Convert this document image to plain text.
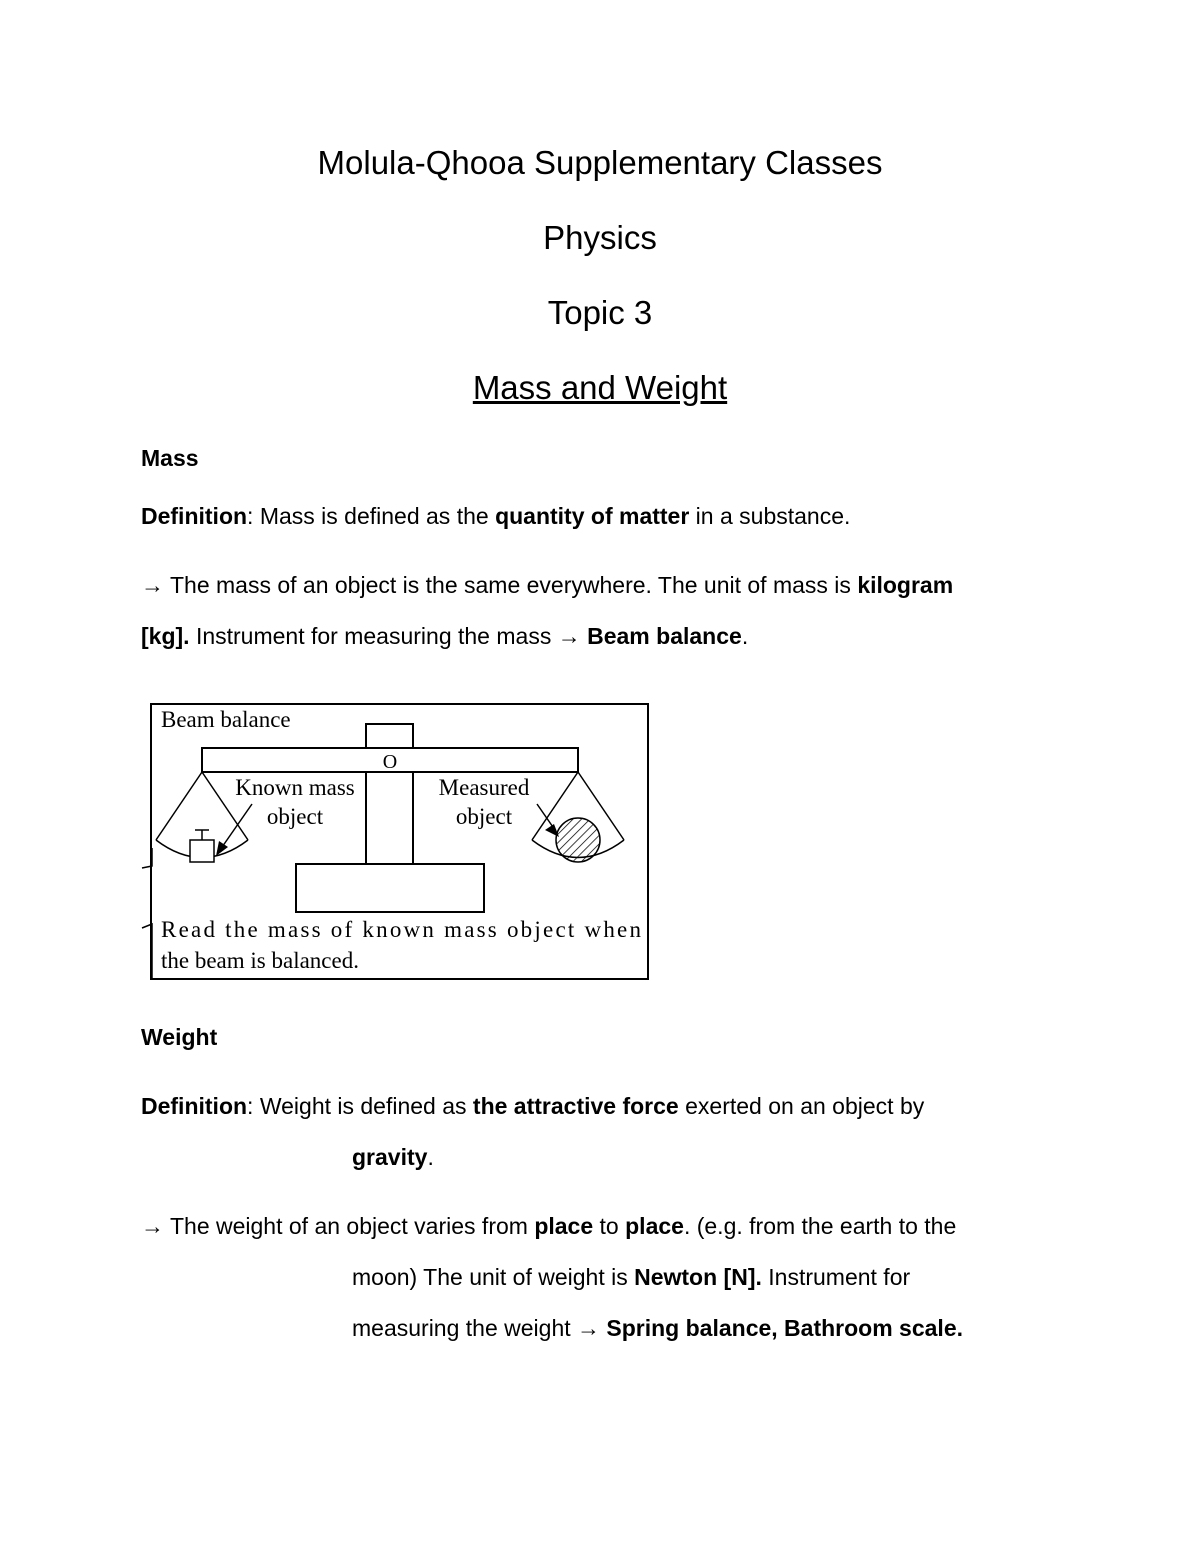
Molula-Qhooa Supplementary Classes
Physics
Topic 3
Mass and Weight
Mass
Definition: Mass is defined as the quantity of matter in a substance.
→ The mass of an object is the same everywhere. The unit of mass is kilogram
[kg]. Instrument for measuring the mass → Beam balance.
Beam balance
O
Known mass
object
Measured
object
Read the mass of known mass object when
the beam is balanced.
Weight
Definition: Weight is defined as the attractive force exerted on an object by
gravity.
→ The weight of an object varies from place to place. (e.g. from the earth to the
moon) The unit of weight is Newton [N]. Instrument for
measuring the weight → Spring balance, Bathroom scale.
